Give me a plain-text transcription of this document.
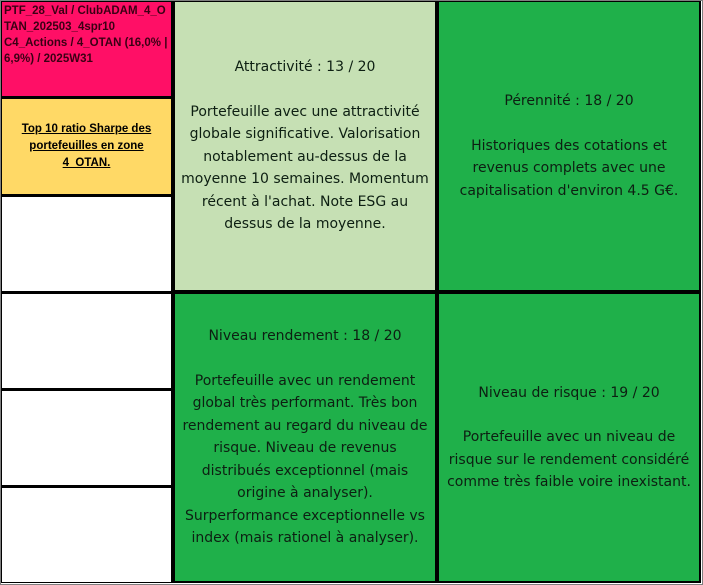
PTF_28_Val / ClubADAM_4_OTAN_202503_4spr10
C4_Actions / 4_OTAN (16,0% | 6,9%) / 2025W31
Top 10 ratio Sharpe des portefeuilles en zone 4_OTAN.
Attractivité : 13 / 20
Portefeuille avec une attractivité globale significative. Valorisation notablement au-dessus de la moyenne 10 semaines. Momentum récent à l'achat. Note ESG au dessus de la moyenne.
Pérennité : 18 / 20
Historiques des cotations et revenus complets avec une capitalisation d'environ 4.5 G€.
Niveau rendement : 18 / 20
Portefeuille avec un rendement global très performant. Très bon rendement au regard du niveau de risque. Niveau de revenus distribués exceptionnel (mais origine à analyser). Surperformance exceptionnelle vs index (mais rationel à analyser).
Niveau de risque : 19 / 20
Portefeuille avec un niveau de risque sur le rendement considéré comme très faible voire inexistant.
